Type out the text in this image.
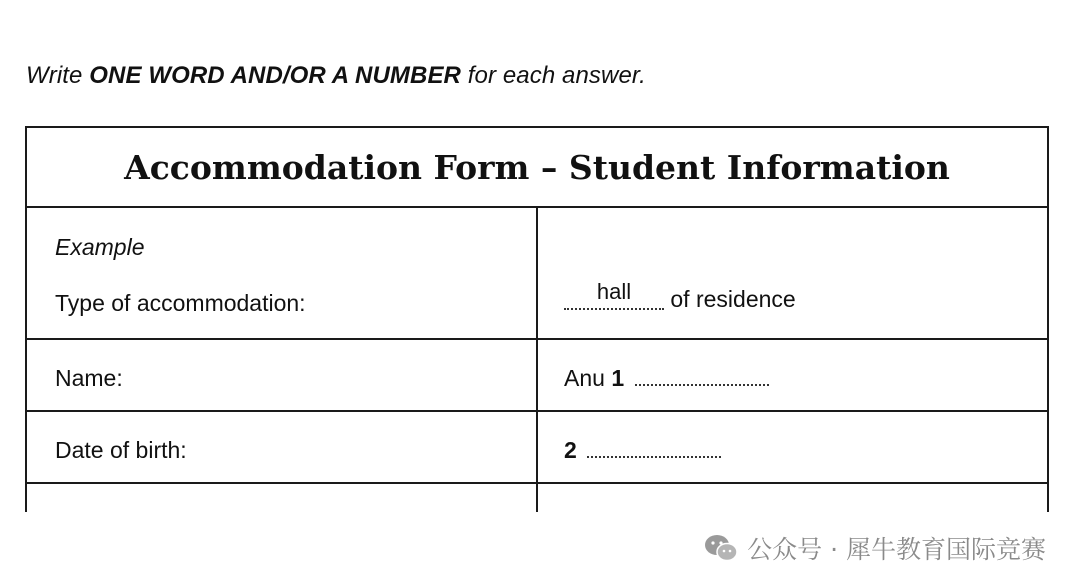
Write ONE WORD AND/OR A NUMBER for each answer.
Accommodation Form – Student Information	

Example
Type of accommodation:	hall of residence

Name:	Anu 1

Date of birth:	2

公众号 · 犀牛教育国际竞赛
